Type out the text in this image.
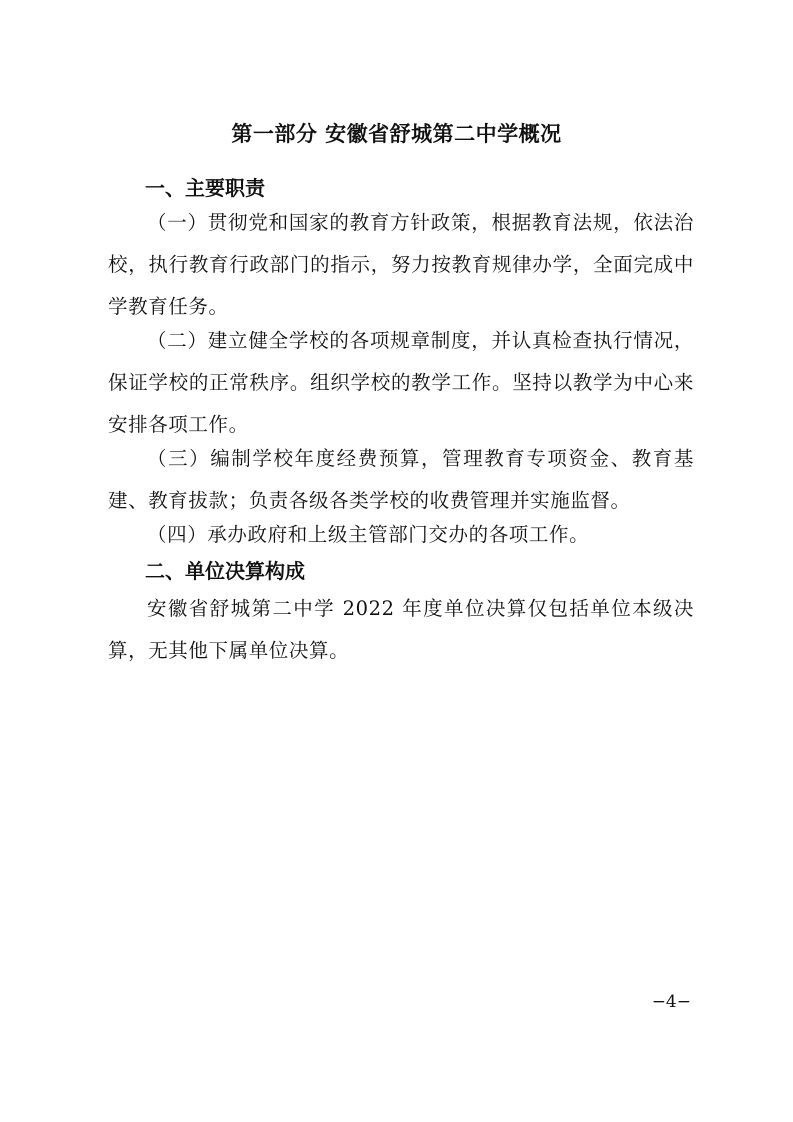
第一部分 安徽省舒城第二中学概况
一、主要职责

（一）贯彻党和国家的教育方针政策，根据教育法规，依法治校，执行教育行政部门的指示，努力按教育规律办学，全面完成中学教育任务。

（二）建立健全学校的各项规章制度，并认真检查执行情况，保证学校的正常秩序。组织学校的教学工作。坚持以教学为中心来安排各项工作。

（三）编制学校年度经费预算，管理教育专项资金、教育基建、教育拔款；负责各级各类学校的收费管理并实施监督。

（四）承办政府和上级主管部门交办的各项工作。

二、单位决算构成

安徽省舒城第二中学 2022 年度单位决算仅包括单位本级决算，无其他下属单位决算。

−4−
